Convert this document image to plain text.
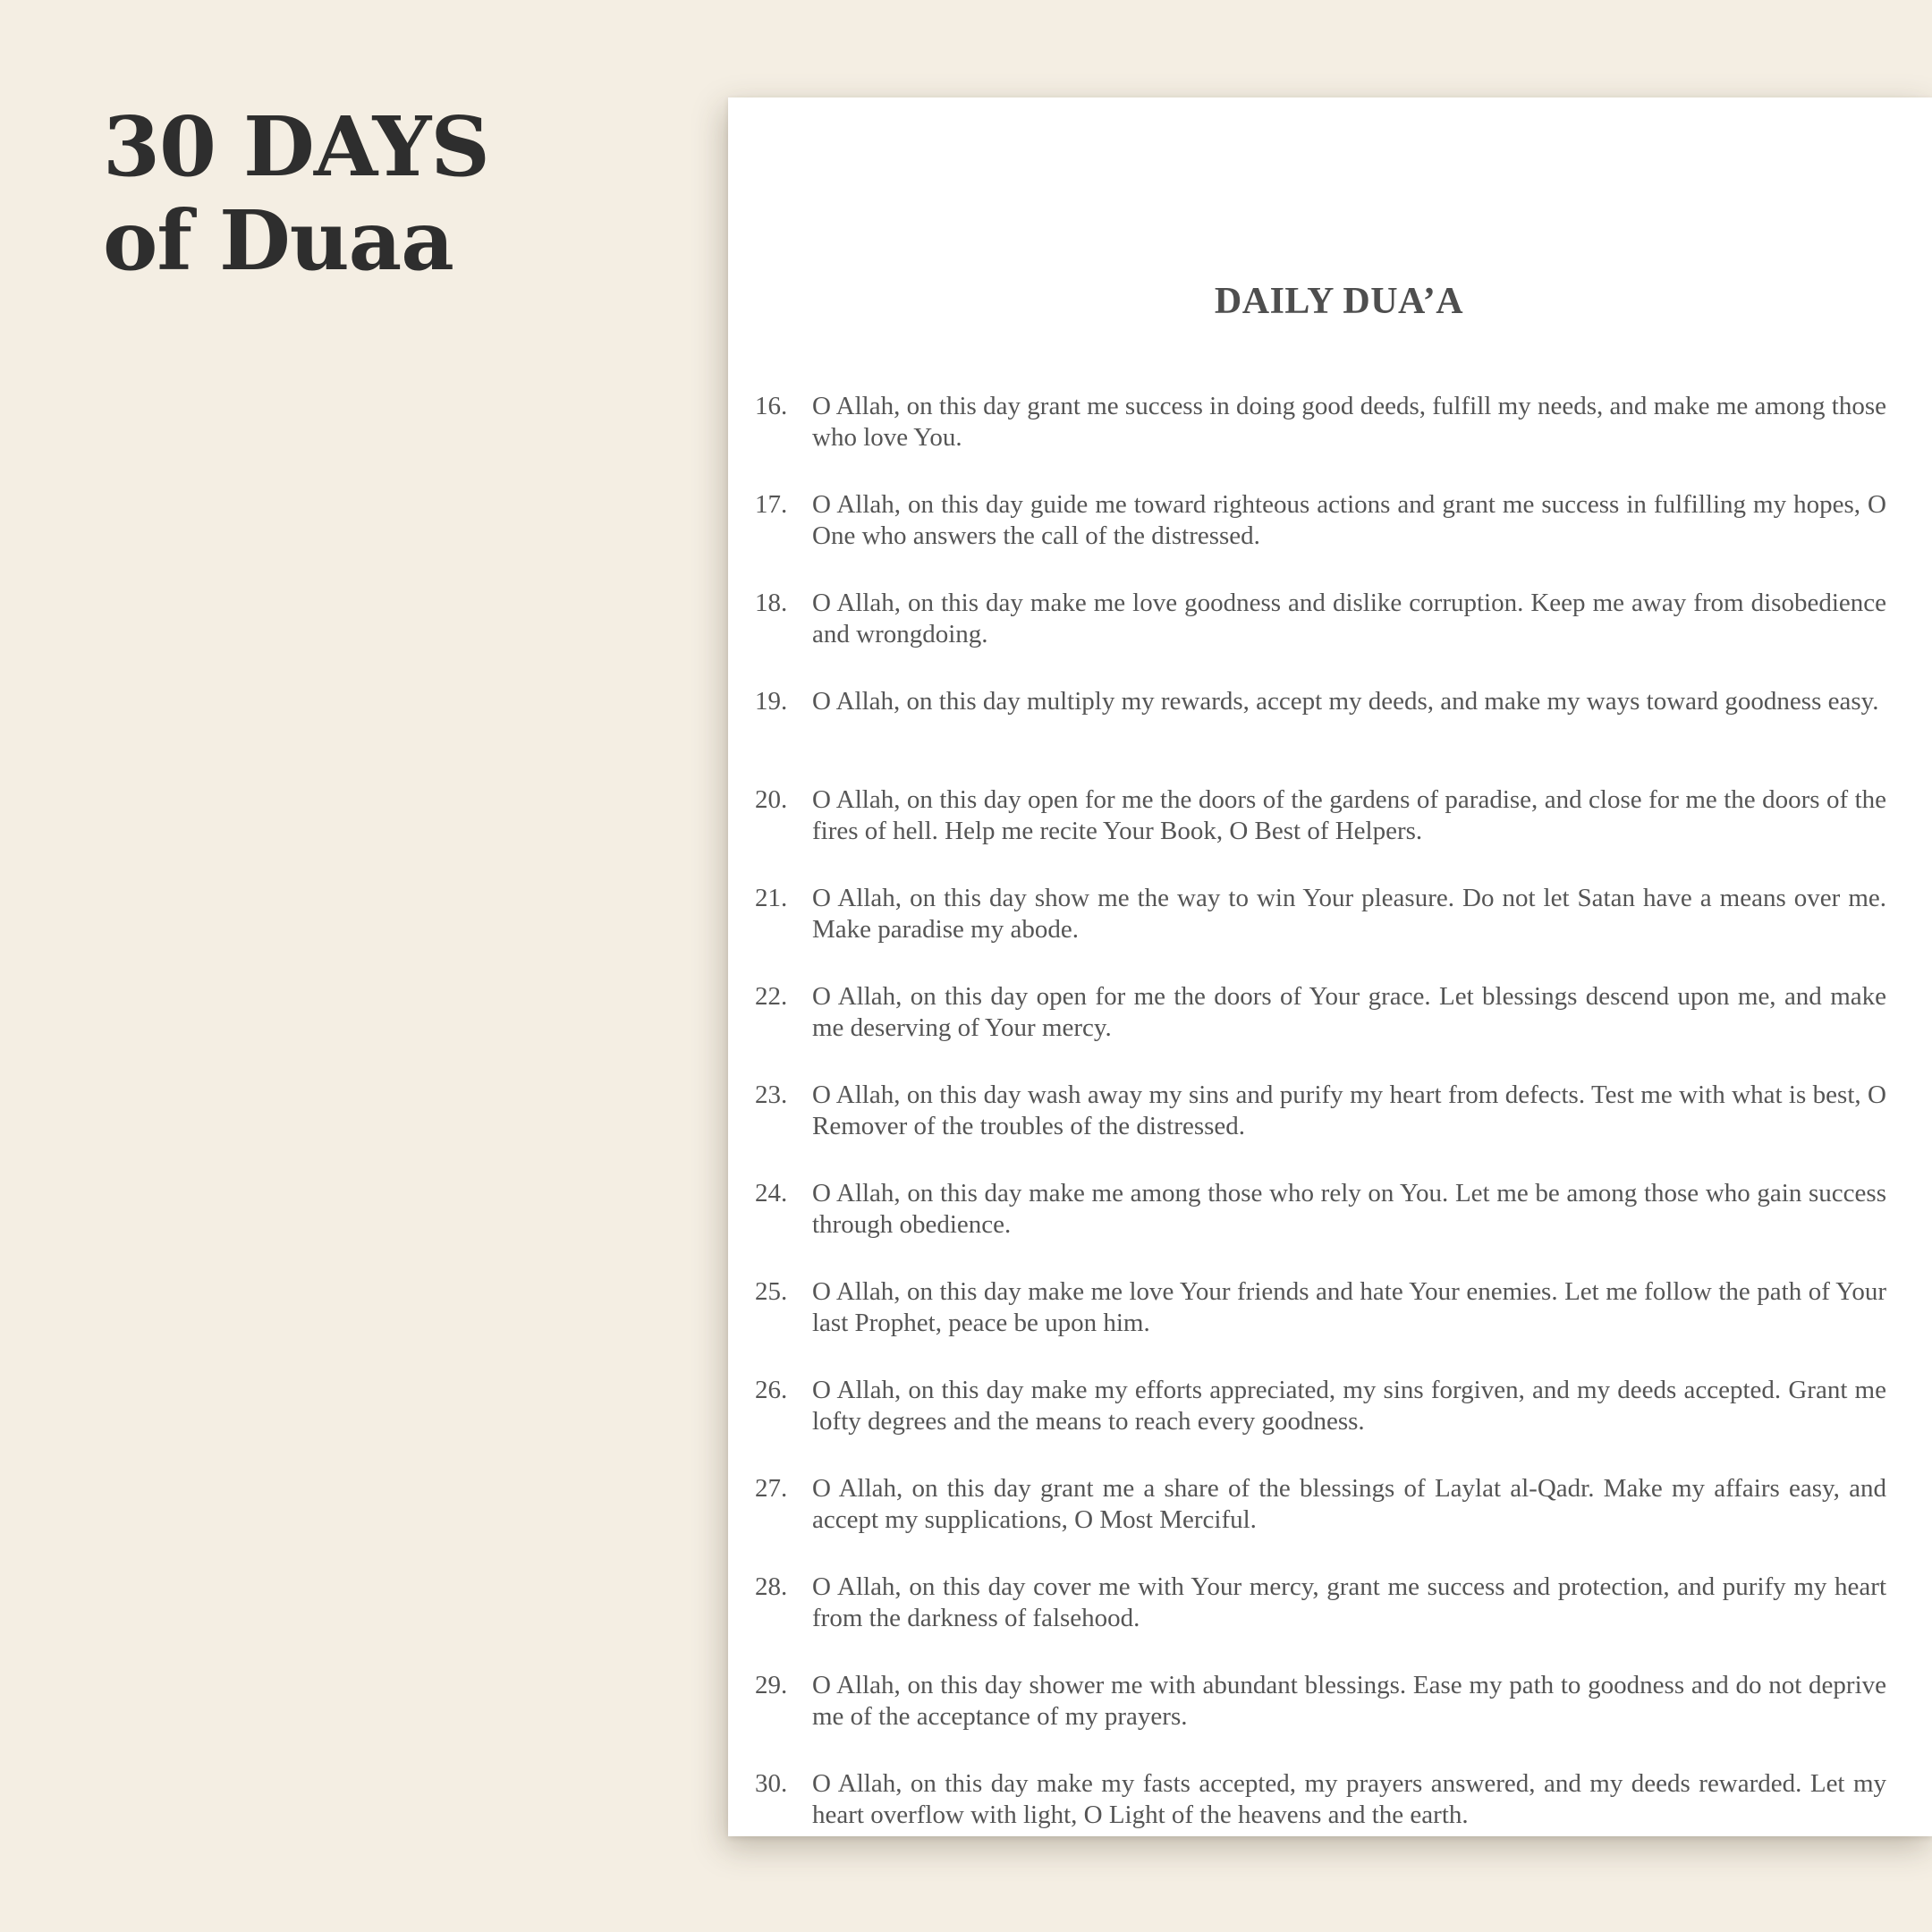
30 DAYS
of Duaa
DAILY DUA’A
16. O Allah, on this day grant me success in doing good deeds, fulfill my needs, and make me among those who love You.
17. O Allah, on this day guide me toward righteous actions and grant me success in fulfilling my hopes, O One who answers the call of the distressed.
18. O Allah, on this day make me love goodness and dislike corruption. Keep me away from disobedience and wrongdoing.
19. O Allah, on this day multiply my rewards, accept my deeds, and make my ways toward goodness easy.
20. O Allah, on this day open for me the doors of the gardens of paradise, and close for me the doors of the fires of hell. Help me recite Your Book, O Best of Helpers.
21. O Allah, on this day show me the way to win Your pleasure. Do not let Satan have a means over me. Make paradise my abode.
22. O Allah, on this day open for me the doors of Your grace. Let blessings descend upon me, and make me deserving of Your mercy.
23. O Allah, on this day wash away my sins and purify my heart from defects. Test me with what is best, O Remover of the troubles of the distressed.
24. O Allah, on this day make me among those who rely on You. Let me be among those who gain success through obedience.
25. O Allah, on this day make me love Your friends and hate Your enemies. Let me follow the path of Your last Prophet, peace be upon him.
26. O Allah, on this day make my efforts appreciated, my sins forgiven, and my deeds accepted. Grant me lofty degrees and the means to reach every goodness.
27. O Allah, on this day grant me a share of the blessings of Laylat al-Qadr. Make my affairs easy, and accept my supplications, O Most Merciful.
28. O Allah, on this day cover me with Your mercy, grant me success and protection, and purify my heart from the darkness of falsehood.
29. O Allah, on this day shower me with abundant blessings. Ease my path to goodness and do not deprive me of the acceptance of my prayers.
30. O Allah, on this day make my fasts accepted, my prayers answered, and my deeds rewarded. Let my heart overflow with light, O Light of the heavens and the earth.
